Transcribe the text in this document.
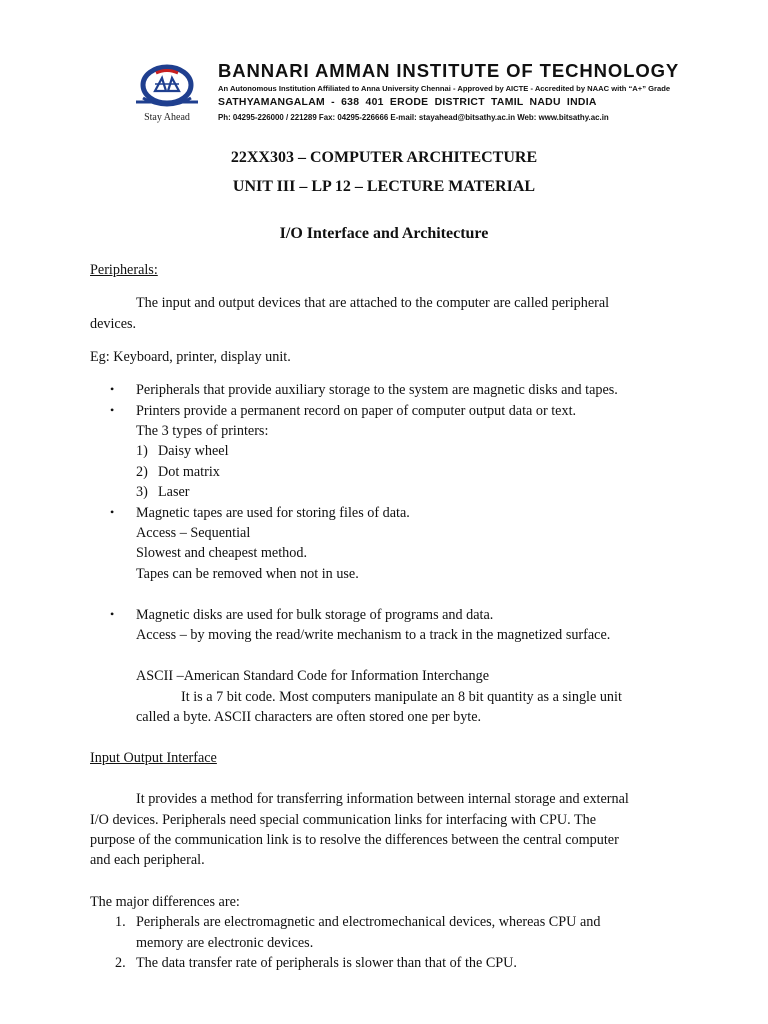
Stay Ahead
BANNARI AMMAN INSTITUTE OF TECHNOLOGY
An Autonomous Institution Affiliated to Anna University Chennai - Approved by AICTE - Accredited by NAAC with “A+” Grade
SATHYAMANGALAM - 638 401 ERODE DISTRICT TAMIL NADU INDIA
Ph: 04295-226000 / 221289 Fax: 04295-226666 E-mail: stayahead@bitsathy.ac.in Web: www.bitsathy.ac.in
22XX303 – COMPUTER ARCHITECTURE
UNIT III – LP 12 – LECTURE MATERIAL
I/O Interface and Architecture
Peripherals:
The input and output devices that are attached to the computer are called peripheral
devices.
Eg: Keyboard, printer, display unit.
• Peripherals that provide auxiliary storage to the system are magnetic disks and tapes.
• Printers provide a permanent record on paper of computer output data or text.
The 3 types of printers:
1) Daisy wheel
2) Dot matrix
3) Laser
• Magnetic tapes are used for storing files of data.
Access – Sequential
Slowest and cheapest method.
Tapes can be removed when not in use.
• Magnetic disks are used for bulk storage of programs and data.
Access – by moving the read/write mechanism to a track in the magnetized surface.
ASCII –American Standard Code for Information Interchange
It is a 7 bit code. Most computers manipulate an 8 bit quantity as a single unit
called a byte. ASCII characters are often stored one per byte.
Input Output Interface
It provides a method for transferring information between internal storage and external
I/O devices. Peripherals need special communication links for interfacing with CPU. The
purpose of the communication link is to resolve the differences between the central computer
and each peripheral.
The major differences are:
1. Peripherals are electromagnetic and electromechanical devices, whereas CPU and
memory are electronic devices.
2. The data transfer rate of peripherals is slower than that of the CPU.
